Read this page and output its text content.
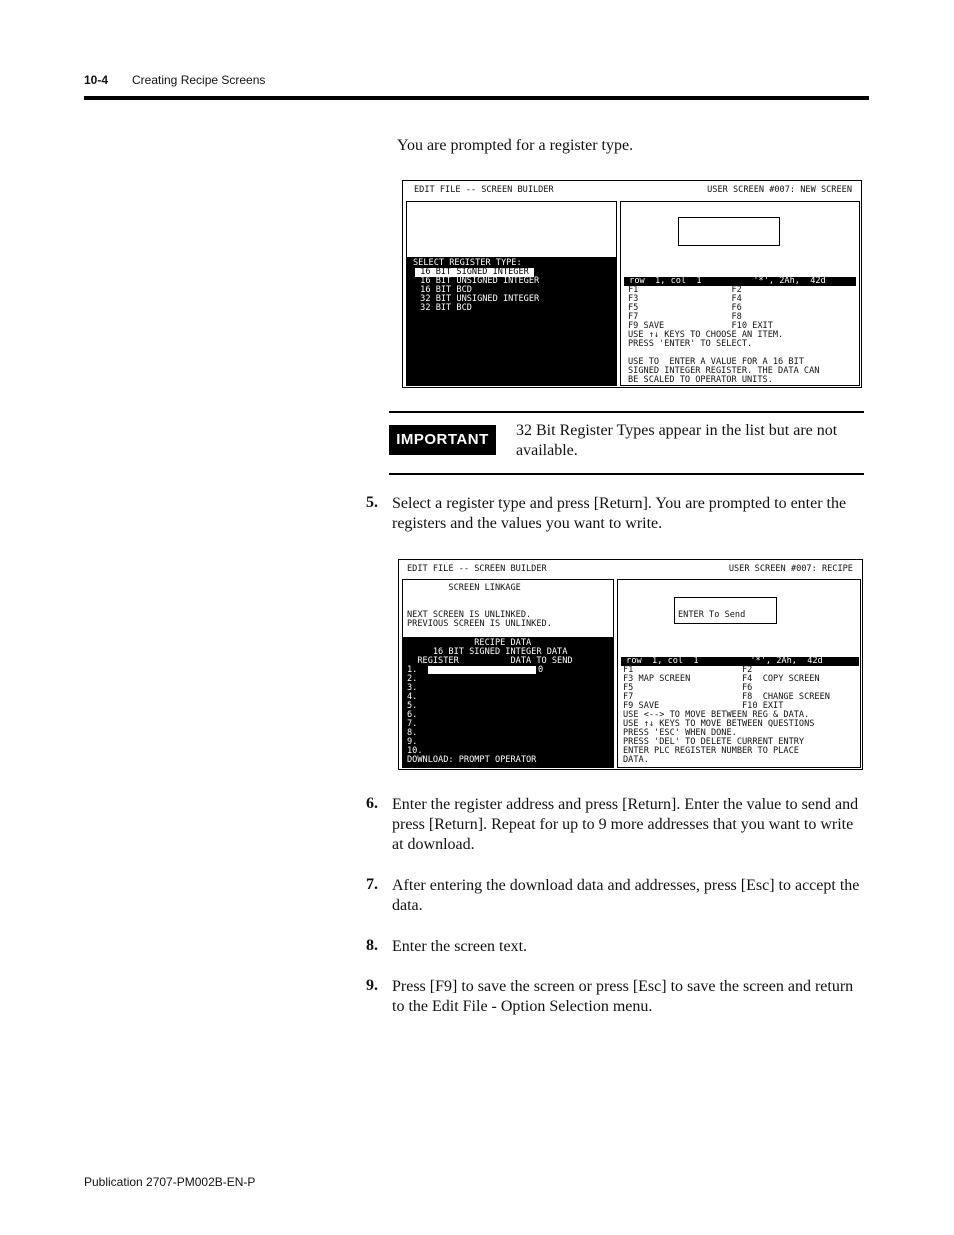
10-4 Creating Recipe Screens
You are prompted for a register type.
EDIT FILE -- SCREEN BUILDER	USER SCREEN #007: NEW SCREEN
SELECT REGISTER TYPE:
16 BIT SIGNED INTEGER
16 BIT UNSIGNED INTEGER
16 BIT BCD
32 BIT UNSIGNED INTEGER
32 BIT BCD
row  1, col  1          '*', 2Ah,  42d
F1                  F2
F3                  F4
F5                  F6
F7                  F8
F9 SAVE             F10 EXIT
USE ↑↓ KEYS TO CHOOSE AN ITEM.
PRESS 'ENTER' TO SELECT.

USE TO  ENTER A VALUE FOR A 16 BIT
SIGNED INTEGER REGISTER. THE DATA CAN
BE SCALED TO OPERATOR UNITS.
IMPORTANT
32 Bit Register Types appear in the list but are not available.
5. Select a register type and press [Return]. You are prompted to enter the registers and the values you want to write.
EDIT FILE -- SCREEN BUILDER	USER SCREEN #007: RECIPE
SCREEN LINKAGE

NEXT SCREEN IS UNLINKED.
PREVIOUS SCREEN IS UNLINKED.
RECIPE DATA
16 BIT SIGNED INTEGER DATA
REGISTER          DATA TO SEND
1.
2.
3.
4.
5.
6.
7.
8.
9.
10.
DOWNLOAD: PROMPT OPERATOR
0
ENTER To Send
row  1, col  1          '*', 2Ah,  42d
F1                     F2
F3 MAP SCREEN          F4  COPY SCREEN
F5                     F6
F7                     F8  CHANGE SCREEN
F9 SAVE                F10 EXIT
USE <--> TO MOVE BETWEEN REG & DATA.
USE ↑↓ KEYS TO MOVE BETWEEN QUESTIONS
PRESS 'ESC' WHEN DONE.
PRESS 'DEL' TO DELETE CURRENT ENTRY
ENTER PLC REGISTER NUMBER TO PLACE
DATA.
6. Enter the register address and press [Return]. Enter the value to send and press [Return]. Repeat for up to 9 more addresses that you want to write at download.
7. After entering the download data and addresses, press [Esc] to accept the data.
8. Enter the screen text.
9. Press [F9] to save the screen or press [Esc] to save the screen and return to the Edit File - Option Selection menu.
Publication 2707-PM002B-EN-P
